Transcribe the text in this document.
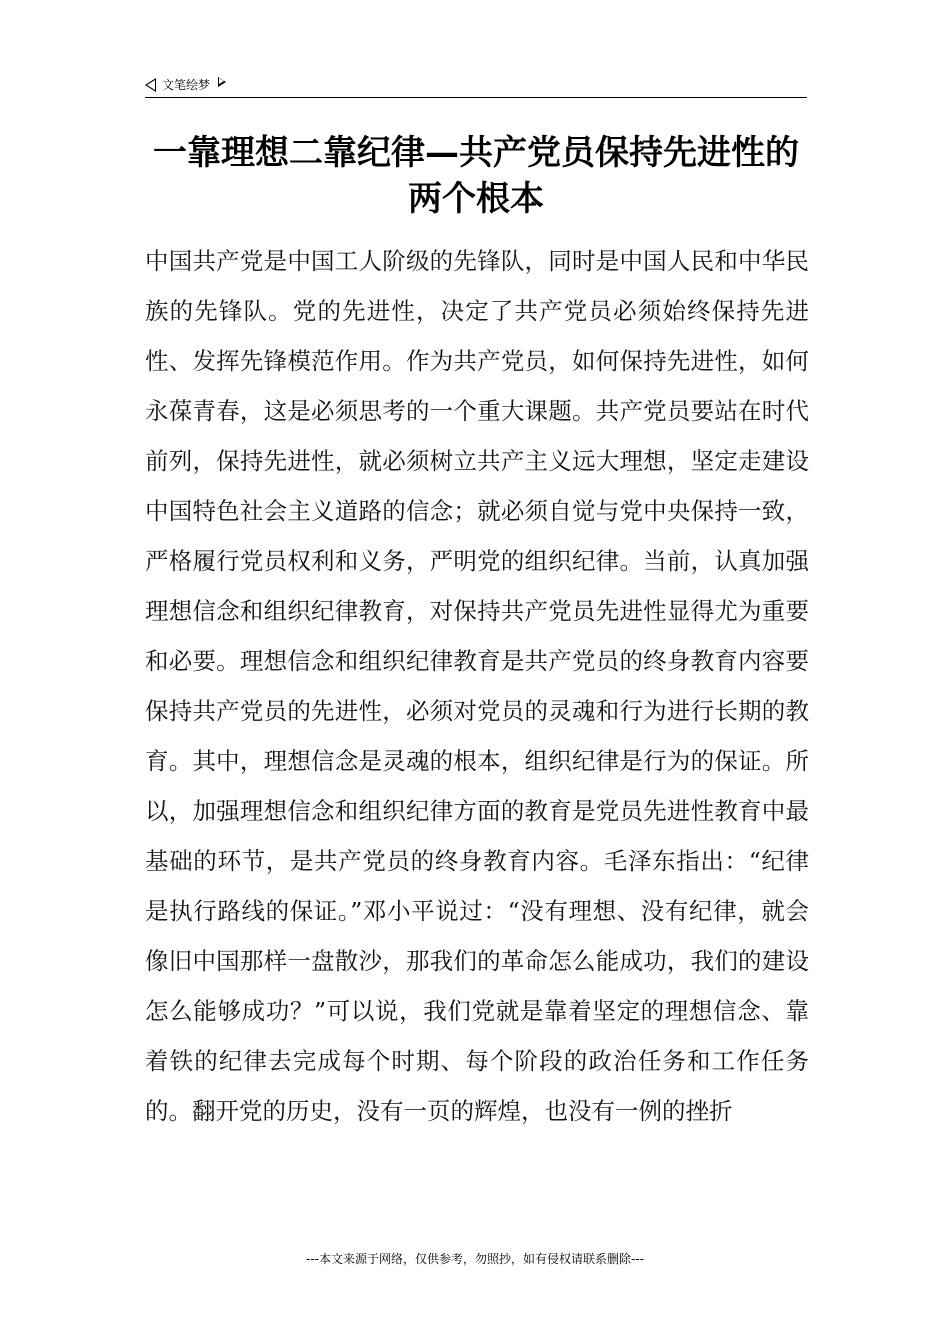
文笔绘梦
一靠理想二靠纪律—共产党员保持先进性的两个根本

中国共产党是中国工人阶级的先锋队，同时是中国人民和中华民族的先锋队。党的先进性，决定了共产党员必须始终保持先进性、发挥先锋模范作用。作为共产党员，如何保持先进性，如何永葆青春，这是必须思考的一个重大课题。共产党员要站在时代前列，保持先进性，就必须树立共产主义远大理想，坚定走建设中国特色社会主义道路的信念；就必须自觉与党中央保持一致，严格履行党员权利和义务，严明党的组织纪律。当前，认真加强理想信念和组织纪律教育，对保持共产党员先进性显得尤为重要和必要。理想信念和组织纪律教育是共产党员的终身教育内容要保持共产党员的先进性，必须对党员的灵魂和行为进行长期的教育。其中，理想信念是灵魂的根本，组织纪律是行为的保证。所以，加强理想信念和组织纪律方面的教育是党员先进性教育中最基础的环节，是共产党员的终身教育内容。毛泽东指出：“纪律是执行路线的保证。”邓小平说过：“没有理想、没有纪律，就会像旧中国那样一盘散沙，那我们的革命怎么能成功，我们的建设怎么能够成功？”可以说，我们党就是靠着坚定的理想信念、靠着铁的纪律去完成每个时期、每个阶段的政治任务和工作任务的。翻开党的历史，没有一页的辉煌，也没有一例的挫折

---本文来源于网络，仅供参考，勿照抄，如有侵权请联系删除---
